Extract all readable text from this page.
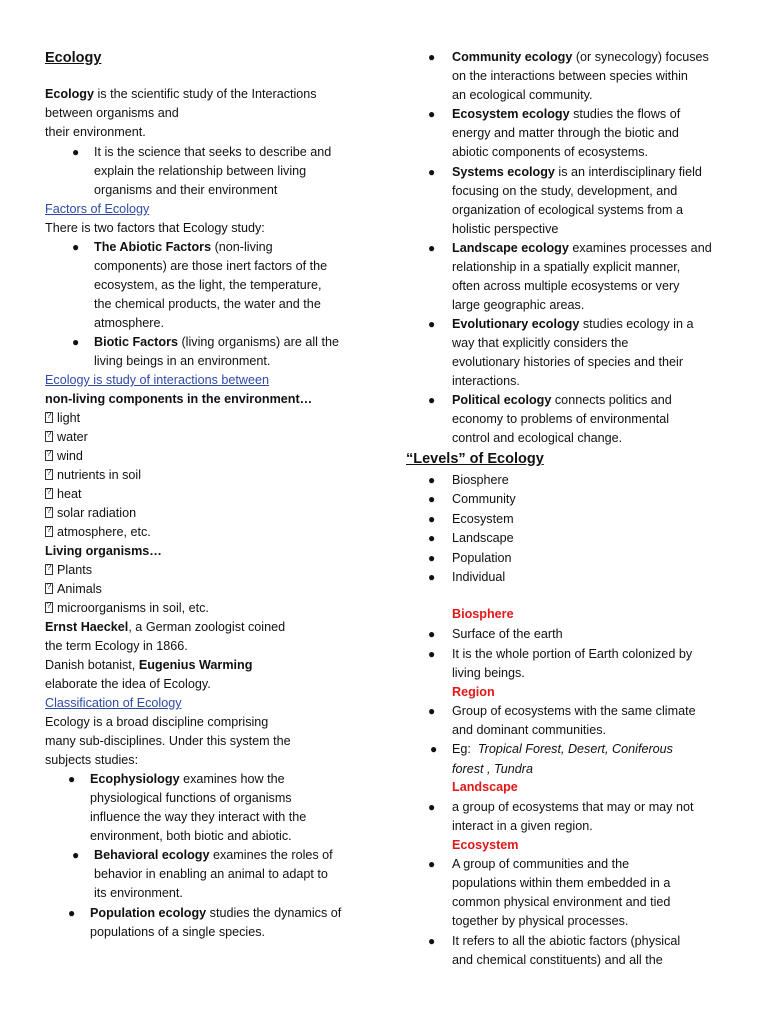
Ecology
Ecology is the scientific study of the Interactions
between organisms and
their environment.
● It is the science that seeks to describe and
explain the relationship between living
organisms and their environment
Factors of Ecology
There is two factors that Ecology study:
● The Abiotic Factors (non-living
components) are those inert factors of the
ecosystem, as the light, the temperature,
the chemical products, the water and the
atmosphere.
● Biotic Factors (living organisms) are all the
living beings in an environment.
Ecology is study of interactions between
non-living components in the environment…
?light
?water
?wind
?nutrients in soil
?heat
?solar radiation
?atmosphere, etc.
Living organisms…
?Plants
?Animals
?microorganisms in soil, etc.
Ernst Haeckel, a German zoologist coined
the term Ecology in 1866.
Danish botanist, Eugenius Warming
elaborate the idea of Ecology.
Classification of Ecology
Ecology is a broad discipline comprising
many sub-disciplines. Under this system the
subjects studies:
● Ecophysiology examines how the
physiological functions of organisms
influence the way they interact with the
environment, both biotic and abiotic.
● Behavioral ecology examines the roles of
behavior in enabling an animal to adapt to
its environment.
● Population ecology studies the dynamics of
populations of a single species.
● Community ecology (or synecology) focuses
on the interactions between species within
an ecological community.
● Ecosystem ecology studies the flows of
energy and matter through the biotic and
abiotic components of ecosystems.
● Systems ecology is an interdisciplinary field
focusing on the study, development, and
organization of ecological systems from a
holistic perspective
● Landscape ecology examines processes and
relationship in a spatially explicit manner,
often across multiple ecosystems or very
large geographic areas.
● Evolutionary ecology studies ecology in a
way that explicitly considers the
evolutionary histories of species and their
interactions.
● Political ecology connects politics and
economy to problems of environmental
control and ecological change.
“Levels” of Ecology
● Biosphere
● Community
● Ecosystem
● Landscape
● Population
● Individual
Biosphere
● Surface of the earth
● It is the whole portion of Earth colonized by
living beings.
Region
● Group of ecosystems with the same climate
and dominant communities.
● Eg: Tropical Forest, Desert, Coniferous
forest , Tundra
Landscape
● a group of ecosystems that may or may not
interact in a given region.
Ecosystem
● A group of communities and the
populations within them embedded in a
common physical environment and tied
together by physical processes.
● It refers to all the abiotic factors (physical
and chemical constituents) and all the
